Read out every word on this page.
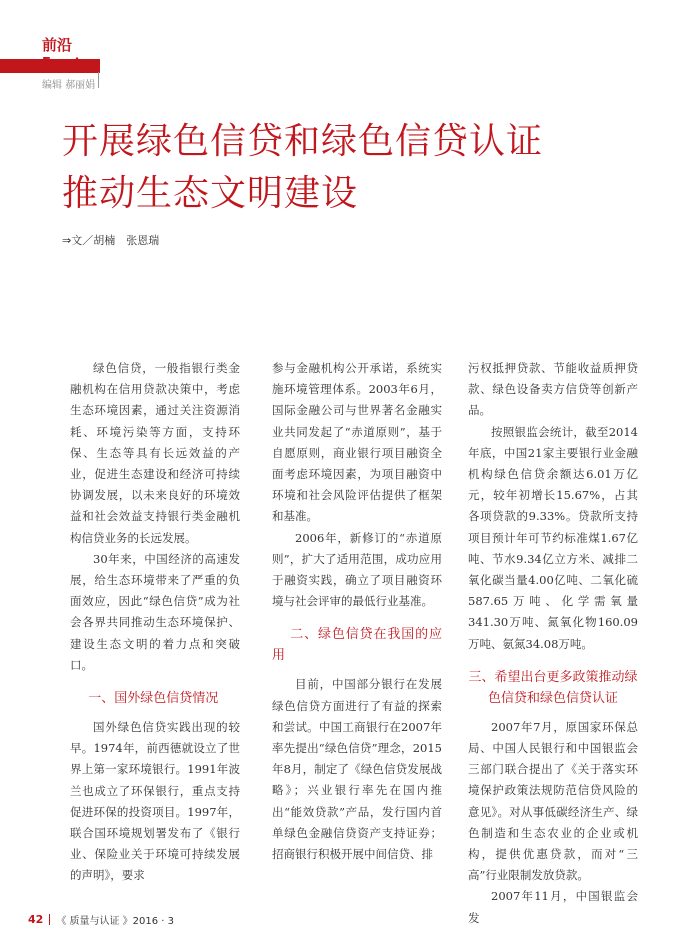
前沿
编辑 郝丽娟
开展绿色信贷和绿色信贷认证
推动生态文明建设
⇒文／胡楠　张恩瑞

绿色信贷，一般指银行类金融机构在信用贷款决策中，考虑生态环境因素，通过关注资源消耗、环境污染等方面，支持环保、生态等具有长远效益的产业，促进生态建设和经济可持续协调发展，以未来良好的环境效益和社会效益支持银行类金融机构信贷业务的长远发展。

30年来，中国经济的高速发展，给生态环境带来了严重的负面效应，因此“绿色信贷”成为社会各界共同推动生态环境保护、建设生态文明的着力点和突破口。

一、国外绿色信贷情况

国外绿色信贷实践出现的较早。1974年，前西德就设立了世界上第一家环境银行。1991年波兰也成立了环保银行，重点支持促进环保的投资项目。1997年，联合国环境规划署发布了《银行业、保险业关于环境可持续发展的声明》，要求

参与金融机构公开承诺，系统实施环境管理体系。2003年6月，国际金融公司与世界著名金融实业共同发起了“赤道原则”，基于自愿原则，商业银行项目融资全面考虑环境因素，为项目融资中环境和社会风险评估提供了框架和基准。

2006年，新修订的“赤道原则”，扩大了适用范围，成功应用于融资实践，确立了项目融资环境与社会评审的最低行业基准。

二、绿色信贷在我国的应用

目前，中国部分银行在发展绿色信贷方面进行了有益的探索和尝试。中国工商银行在2007年率先提出“绿色信贷”理念，2015年8月，制定了《绿色信贷发展战略》；兴业银行率先在国内推出“能效贷款”产品，发行国内首单绿色金融信贷资产支持证券；招商银行积极开展中间信贷、排

污权抵押贷款、节能收益质押贷款、绿色设备卖方信贷等创新产品。

按照银监会统计，截至2014年底，中国21家主要银行业金融机构绿色信贷余额达6.01万亿元，较年初增长15.67%，占其各项贷款的9.33%。贷款所支持项目预计年可节约标准煤1.67亿吨、节水9.34亿立方米、减排二氧化碳当量4.00亿吨、二氧化硫587.65万吨、化学需氧量341.30万吨、氮氧化物160.09万吨、氨氮34.08万吨。

三、希望出台更多政策推动绿色信贷和绿色信贷认证

2007年7月，原国家环保总局、中国人民银行和中国银监会三部门联合提出了《关于落实环境保护政策法规防范信贷风险的意见》。对从事低碳经济生产、绿色制造和生态农业的企业或机构，提供优惠贷款，而对“三高”行业限制发放贷款。

2007年11月，中国银监会发

42 《 质量与认证 》2016 · 3
